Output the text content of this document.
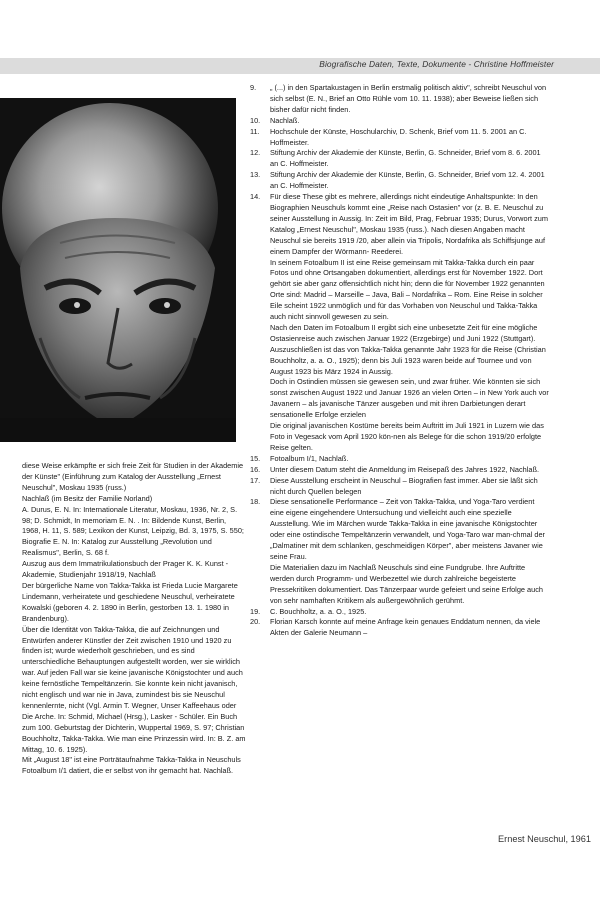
Biografische Daten, Texte, Dokumente - Christine Hoffmeister

diese Weise erkämpfte er sich freie Zeit für Studien in der Akademie der Künste" (Einführung zum Katalog der Ausstellung „Ernest Neuschul", Moskau 1935 (russ.)

Nachlaß (im Besitz der Familie Norland)

A. Durus, E. N. In: Internationale Literatur, Moskau, 1936, Nr. 2, S. 98; D. Schmidt, In memoriam E. N. . In: Bildende Kunst, Berlin, 1968, H. 11, S. 589; Lexikon der Kunst, Leipzig, Bd. 3, 1975, S. 550; Biografie E. N. In: Katalog zur Ausstellung „Revolution und Realismus", Berlin, S. 68 f.

Auszug aus dem Immatrikulationsbuch der Prager K. K. Kunst - Akademie, Studienjahr 1918/19, Nachlaß

Der bürgerliche Name von Takka-Takka ist Frieda Lucie Margarete Lindemann, verheiratete und geschiedene Neuschul, verheiratete Kowalski (geboren 4. 2. 1890 in Berlin, gestorben 13. 1. 1980 in Brandenburg).

Über die Identität von Takka-Takka, die auf Zeichnungen und Entwürfen anderer Künstler der Zeit zwischen 1910 und 1920 zu finden ist; wurde wiederholt geschrieben, und es sind unterschiedliche Behauptungen aufgestellt worden, wer sie wirklich war. Auf jeden Fall war sie keine javanische Königstochter und auch keine fernöstliche Tempeltänzerin. Sie konnte kein nicht javanisch, nicht englisch und war nie in Java, zumindest bis sie Neuschul kennenlernte, nicht (Vgl. Armin T. Wegner, Unser Kaffeehaus oder Die Arche. In: Schmid, Michael (Hrsg.), Lasker - Schüler. Ein Buch zum 100. Geburtstag der Dichterin, Wuppertal 1969, S. 97; Christian Bouchholtz, Takka-Takka. Wie man eine Prinzessin wird. In: B. Z. am Mittag, 10. 6. 1925).

Mit „August 18" ist eine Porträtaufnahme Takka-Takka in Neuschuls Fotoalbum I/1 datiert, die er selbst von ihr gemacht hat. Nachlaß.

9.	„ (...) in den Spartakustagen in Berlin erstmalig politisch aktiv", schreibt Neuschul von sich selbst (E. N., Brief an Otto Rühle vom 10. 11. 1938); aber Beweise ließen sich bisher dafür nicht finden.

10.	Nachlaß.

11.	Hochschule der Künste, Hoschularchiv, D. Schenk, Brief vom 11. 5. 2001 an C. Hoffmeister.

12.	Stiftung Archiv der Akademie der Künste, Berlin, G. Schneider, Brief vom 8. 6. 2001 an C. Hoffmeister.

13.	Stiftung Archiv der Akademie der Künste, Berlin, G. Schneider, Brief vom 12. 4. 2001 an C. Hoffmeister.

14.	Für diese These gibt es mehrere, allerdings nicht eindeutige Anhaltspunkte: In den Biographien Neuschuls kommt eine „Reise nach Ostasien" vor (z. B. E. Neuschul zu seiner Ausstellung in Aussig. In: Zeit im Bild, Prag, Februar 1935; Durus, Vorwort zum Katalog „Ernest Neuschul", Moskau 1935 (russ.). Nach diesen Angaben macht Neuschul sie bereits 1919 /20, aber allein via Tripolis, Nordafrika als Schiffsjunge auf einem Dampfer der Wörmann- Reederei.

In seinem Fotoalbum II ist eine Reise gemeinsam mit Takka-Takka durch ein paar Fotos und ohne Ortsangaben dokumentiert, allerdings erst für November 1922. Dort gehört sie aber ganz offensichtlich nicht hin; denn die für November 1922 genannten Orte sind: Madrid – Marseille – Java, Bali – Nordafrika – Rom. Eine Reise in solcher Eile scheint 1922 unmöglich und für das Vorhaben von Neuschul und Takka-Takka auch nicht sinnvoll gewesen zu sein.

Nach den Daten im Fotoalbum II ergibt sich eine unbesetzte Zeit für eine mögliche Ostasienreise auch zwischen Januar 1922 (Erzgebirge) und Juni 1922 (Stuttgart).

Auszuschließen ist das von Takka-Takka genannte Jahr 1923 für die Reise (Christian Bouchholtz, a. a. O., 1925); denn bis Juli 1923 waren beide auf Tournee und von August 1923 bis März 1924 in Aussig.

Doch in Ostindien müssen sie gewesen sein, und zwar früher. Wie könnten sie sich sonst zwischen August 1922 und Januar 1926 an vielen Orten – in New York auch vor Javanern – als javanische Tänzer ausgeben und mit ihren Darbietungen derart sensationelle Erfolge erzielen

Die original javanischen Kostüme bereits beim Auftritt im Juli 1921 in Luzern wie das Foto in Vegesack vom April 1920 kön-nen als Belege für die schon 1919/20 erfolgte Reise gelten.

15.	Fotoalbum I/1, Nachlaß.

16.	Unter diesem Datum steht die Anmeldung im Reisepaß des Jahres 1922, Nachlaß.

17.	Diese Ausstellung erscheint in Neuschul – Biografien fast immer. Aber sie läßt sich nicht durch Quellen belegen

18.	Diese sensationelle Performance – Zeit von Takka-Takka, und Yoga-Taro verdient eine eigene eingehendere Untersuchung und vielleicht auch eine spezielle Ausstellung. Wie im Märchen wurde Takka-Takka in eine javanische Königstochter oder eine ostindische Tempeltänzerin verwandelt, und Yoga-Taro war man-chmal der „Dalmatiner mit dem schlanken, geschmeidigen Körper", aber meistens Javaner wie seine Frau.

Die Materialien dazu im Nachlaß Neuschuls sind eine Fundgrube. Ihre Auftritte werden durch Programm- und Werbezettel wie durch zahlreiche begeisterte Pressekritiken dokumentiert. Das Tänzerpaar wurde gefeiert und seine Erfolge auch von sehr namhaften Kritikern als außergewöhnlich gerühmt.

19.	C. Bouchholtz, a. a. O., 1925.

20.	Florian Karsch konnte auf meine Anfrage kein genaues Enddatum nennen, da viele Akten der Galerie Neumann –

Ernest Neuschul, 1961
